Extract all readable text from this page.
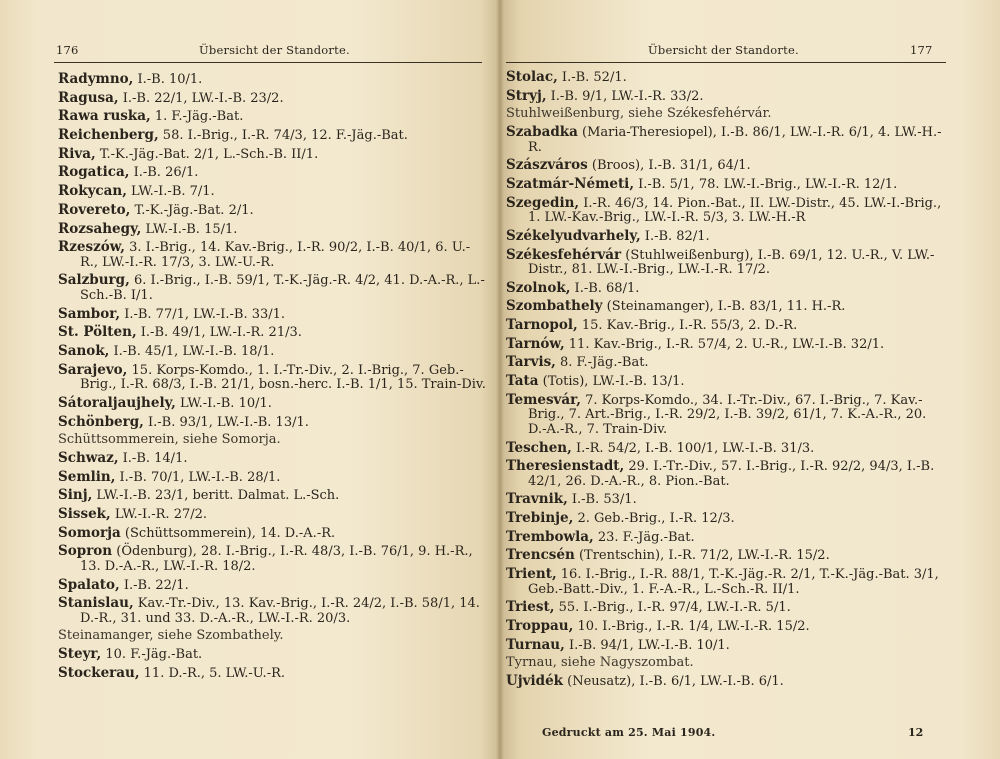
176	Übersicht der Standorte.
Radymno, I.-B. 10/1.
Ragusa, I.-B. 22/1, LW.-I.-B. 23/2.
Rawa ruska, 1. F.-Jäg.-Bat.
Reichenberg, 58. I.-Brig., I.-R. 74/3, 12. F.-Jäg.-Bat.
Riva, T.-K.-Jäg.-Bat. 2/1, L.-Sch.-B. II/1.
Rogatica, I.-B. 26/1.
Rokycan, LW.-I.-B. 7/1.
Rovereto, T.-K.-Jäg.-Bat. 2/1.
Rozsahegy, LW.-I.-B. 15/1.
Rzeszów, 3. I.-Brig., 14. Kav.-Brig., I.-R. 90/2, I.-B. 40/1, 6. U.-R., LW.-I.-R. 17/3, 3. LW.-U.-R.
Salzburg, 6. I.-Brig., I.-B. 59/1, T.-K.-Jäg.-R. 4/2, 41. D.-A.-R., L.-Sch.-B. I/1.
Sambor, I.-B. 77/1, LW.-I.-B. 33/1.
St. Pölten, I.-B. 49/1, LW.-I.-R. 21/3.
Sanok, I.-B. 45/1, LW.-I.-B. 18/1.
Sarajevo, 15. Korps-Komdo., 1. I.-Tr.-Div., 2. I.-Brig., 7. Geb.-Brig., I.-R. 68/3, I.-B. 21/1, bosn.-herc. I.-B. 1/1, 15. Train-Div.
Sátoraljaujhely, LW.-I.-B. 10/1.
Schönberg, I.-B. 93/1, LW.-I.-B. 13/1.
Schüttsommerein, siehe Somorja.
Schwaz, I.-B. 14/1.
Semlin, I.-B. 70/1, LW.-I.-B. 28/1.
Sinj, LW.-I.-B. 23/1, beritt. Dalmat. L.-Sch.
Sissek, LW.-I.-R. 27/2.
Somorja (Schüttsommerein), 14. D.-A.-R.
Sopron (Ödenburg), 28. I.-Brig., I.-R. 48/3, I.-B. 76/1, 9. H.-R., 13. D.-A.-R., LW.-I.-R. 18/2.
Spalato, I.-B. 22/1.
Stanislau, Kav.-Tr.-Div., 13. Kav.-Brig., I.-R. 24/2, I.-B. 58/1, 14. D.-R., 31. und 33. D.-A.-R., LW.-I.-R. 20/3.
Steinamanger, siehe Szombathely.
Steyr, 10. F.-Jäg.-Bat.
Stockerau, 11. D.-R., 5. LW.-U.-R.
Übersicht der Standorte.	177
Stolac, I.-B. 52/1.
Stryj, I.-B. 9/1, LW.-I.-R. 33/2.
Stuhlweißenburg, siehe Székesfehérvár.
Szabadka (Maria-Theresiopel), I.-B. 86/1, LW.-I.-R. 6/1, 4. LW.-H.-R.
Szászváros (Broos), I.-B. 31/1, 64/1.
Szatmár-Németi, I.-B. 5/1, 78. LW.-I.-Brig., LW.-I.-R. 12/1.
Szegedin, I.-R. 46/3, 14. Pion.-Bat., II. LW.-Distr., 45. LW.-I.-Brig., 1. LW.-Kav.-Brig., LW.-I.-R. 5/3, 3. LW.-H.-R
Székelyudvarhely, I.-B. 82/1.
Székesfehérvár (Stuhlweißenburg), I.-B. 69/1, 12. U.-R., V. LW.-Distr., 81. LW.-I.-Brig., LW.-I.-R. 17/2.
Szolnok, I.-B. 68/1.
Szombathely (Steinamanger), I.-B. 83/1, 11. H.-R.
Tarnopol, 15. Kav.-Brig., I.-R. 55/3, 2. D.-R.
Tarnów, 11. Kav.-Brig., I.-R. 57/4, 2. U.-R., LW.-I.-B. 32/1.
Tarvis, 8. F.-Jäg.-Bat.
Tata (Totis), LW.-I.-B. 13/1.
Temesvár, 7. Korps-Komdo., 34. I.-Tr.-Div., 67. I.-Brig., 7. Kav.-Brig., 7. Art.-Brig., I.-R. 29/2, I.-B. 39/2, 61/1, 7. K.-A.-R., 20. D.-A.-R., 7. Train-Div.
Teschen, I.-R. 54/2, I.-B. 100/1, LW.-I.-B. 31/3.
Theresienstadt, 29. I.-Tr.-Div., 57. I.-Brig., I.-R. 92/2, 94/3, I.-B. 42/1, 26. D.-A.-R., 8. Pion.-Bat.
Travnik, I.-B. 53/1.
Trebinje, 2. Geb.-Brig., I.-R. 12/3.
Trembowla, 23. F.-Jäg.-Bat.
Trencsén (Trentschin), I.-R. 71/2, LW.-I.-R. 15/2.
Trient, 16. I.-Brig., I.-R. 88/1, T.-K.-Jäg.-R. 2/1, T.-K.-Jäg.-Bat. 3/1, Geb.-Batt.-Div., 1. F.-A.-R., L.-Sch.-R. II/1.
Triest, 55. I.-Brig., I.-R. 97/4, LW.-I.-R. 5/1.
Troppau, 10. I.-Brig., I.-R. 1/4, LW.-I.-R. 15/2.
Turnau, I.-B. 94/1, LW.-I.-B. 10/1.
Tyrnau, siehe Nagyszombat.
Ujvidék (Neusatz), I.-B. 6/1, LW.-I.-B. 6/1.
Gedruckt am 25. Mai 1904.	12
